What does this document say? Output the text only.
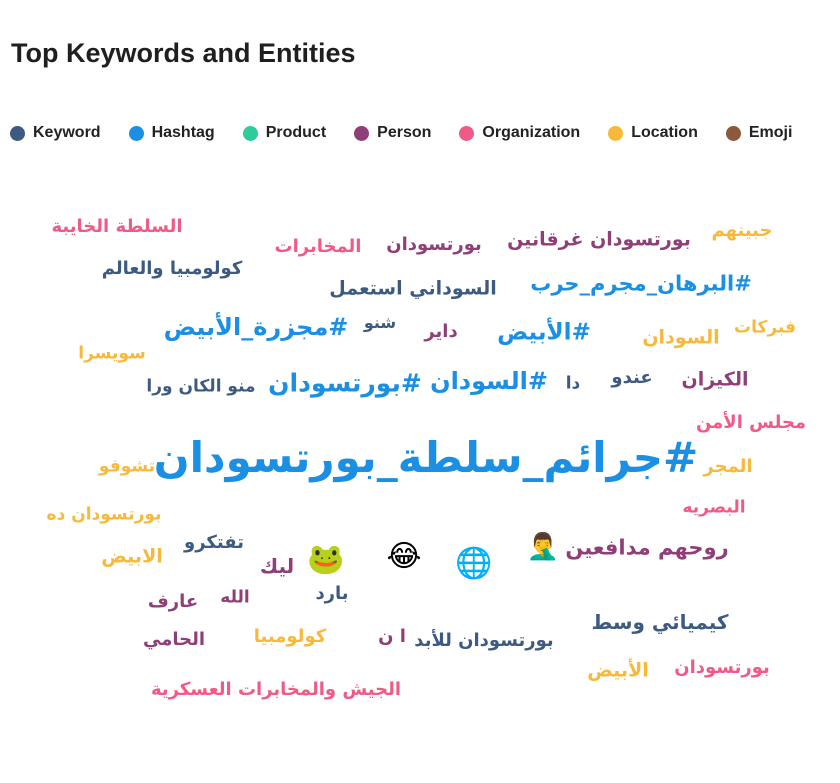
Top Keywords and Entities
Keyword	Hashtag	Product	Person	Organization	Location	Emoji
السلطة الخايبة
المخابرات بورتسودان بورتسودان غرقانين جبينهم
كولومبيا والعالم
السوداني استعمل #البرهان_مجرم_حرب
#مجزرة_الأبيض شنو داير #الأبيض	السودان فبركات
سويسرا
منو الكان ورا #بورتسودان #السودان دا عندو الكيزان
مجلس الأمن
#جرائم_سلطة_بورتسودان
تشوفو	المجر
البصريه
بورتسودان ده
تفتكرو	روحهم مدافعين
الابيض	ليك
بارد
عارف الله
كيميائي وسط
الحامي	كولومبيا	ا ن بورتسودان للأبد
الأبيض بورتسودان
الجيش والمخابرات العسكرية
🤦‍♂️
🐸 😂 🌐
